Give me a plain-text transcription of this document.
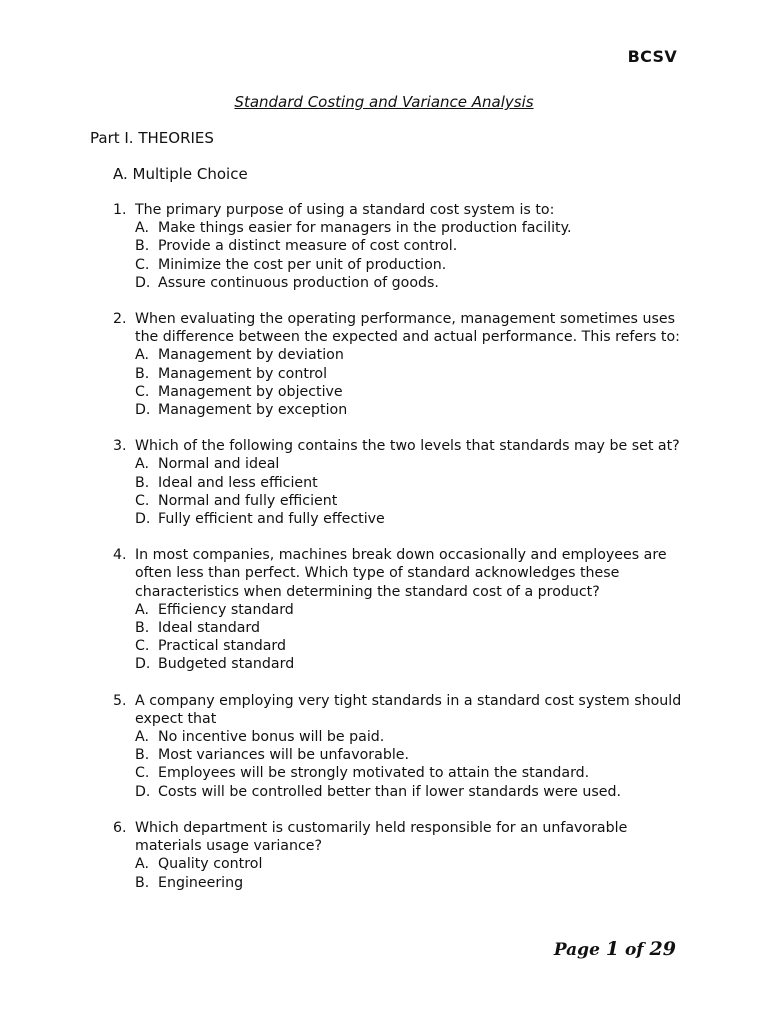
BCSV
Standard Costing and Variance Analysis
Part I. THEORIES
A. Multiple Choice
1. The primary purpose of using a standard cost system is to:
A. Make things easier for managers in the production facility.
B. Provide a distinct measure of cost control.
C. Minimize the cost per unit of production.
D. Assure continuous production of goods.
2. When evaluating the operating performance, management sometimes uses the difference between the expected and actual performance. This refers to:
A. Management by deviation
B. Management by control
C. Management by objective
D. Management by exception
3. Which of the following contains the two levels that standards may be set at?
A. Normal and ideal
B. Ideal and less efficient
C. Normal and fully efficient
D. Fully efficient and fully effective
4. In most companies, machines break down occasionally and employees are often less than perfect. Which type of standard acknowledges these characteristics when determining the standard cost of a product?
A. Efficiency standard
B. Ideal standard
C. Practical standard
D. Budgeted standard
5. A company employing very tight standards in a standard cost system should expect that
A. No incentive bonus will be paid.
B. Most variances will be unfavorable.
C. Employees will be strongly motivated to attain the standard.
D. Costs will be controlled better than if lower standards were used.
6. Which department is customarily held responsible for an unfavorable materials usage variance?
A. Quality control
B. Engineering
Page 1 of 29
